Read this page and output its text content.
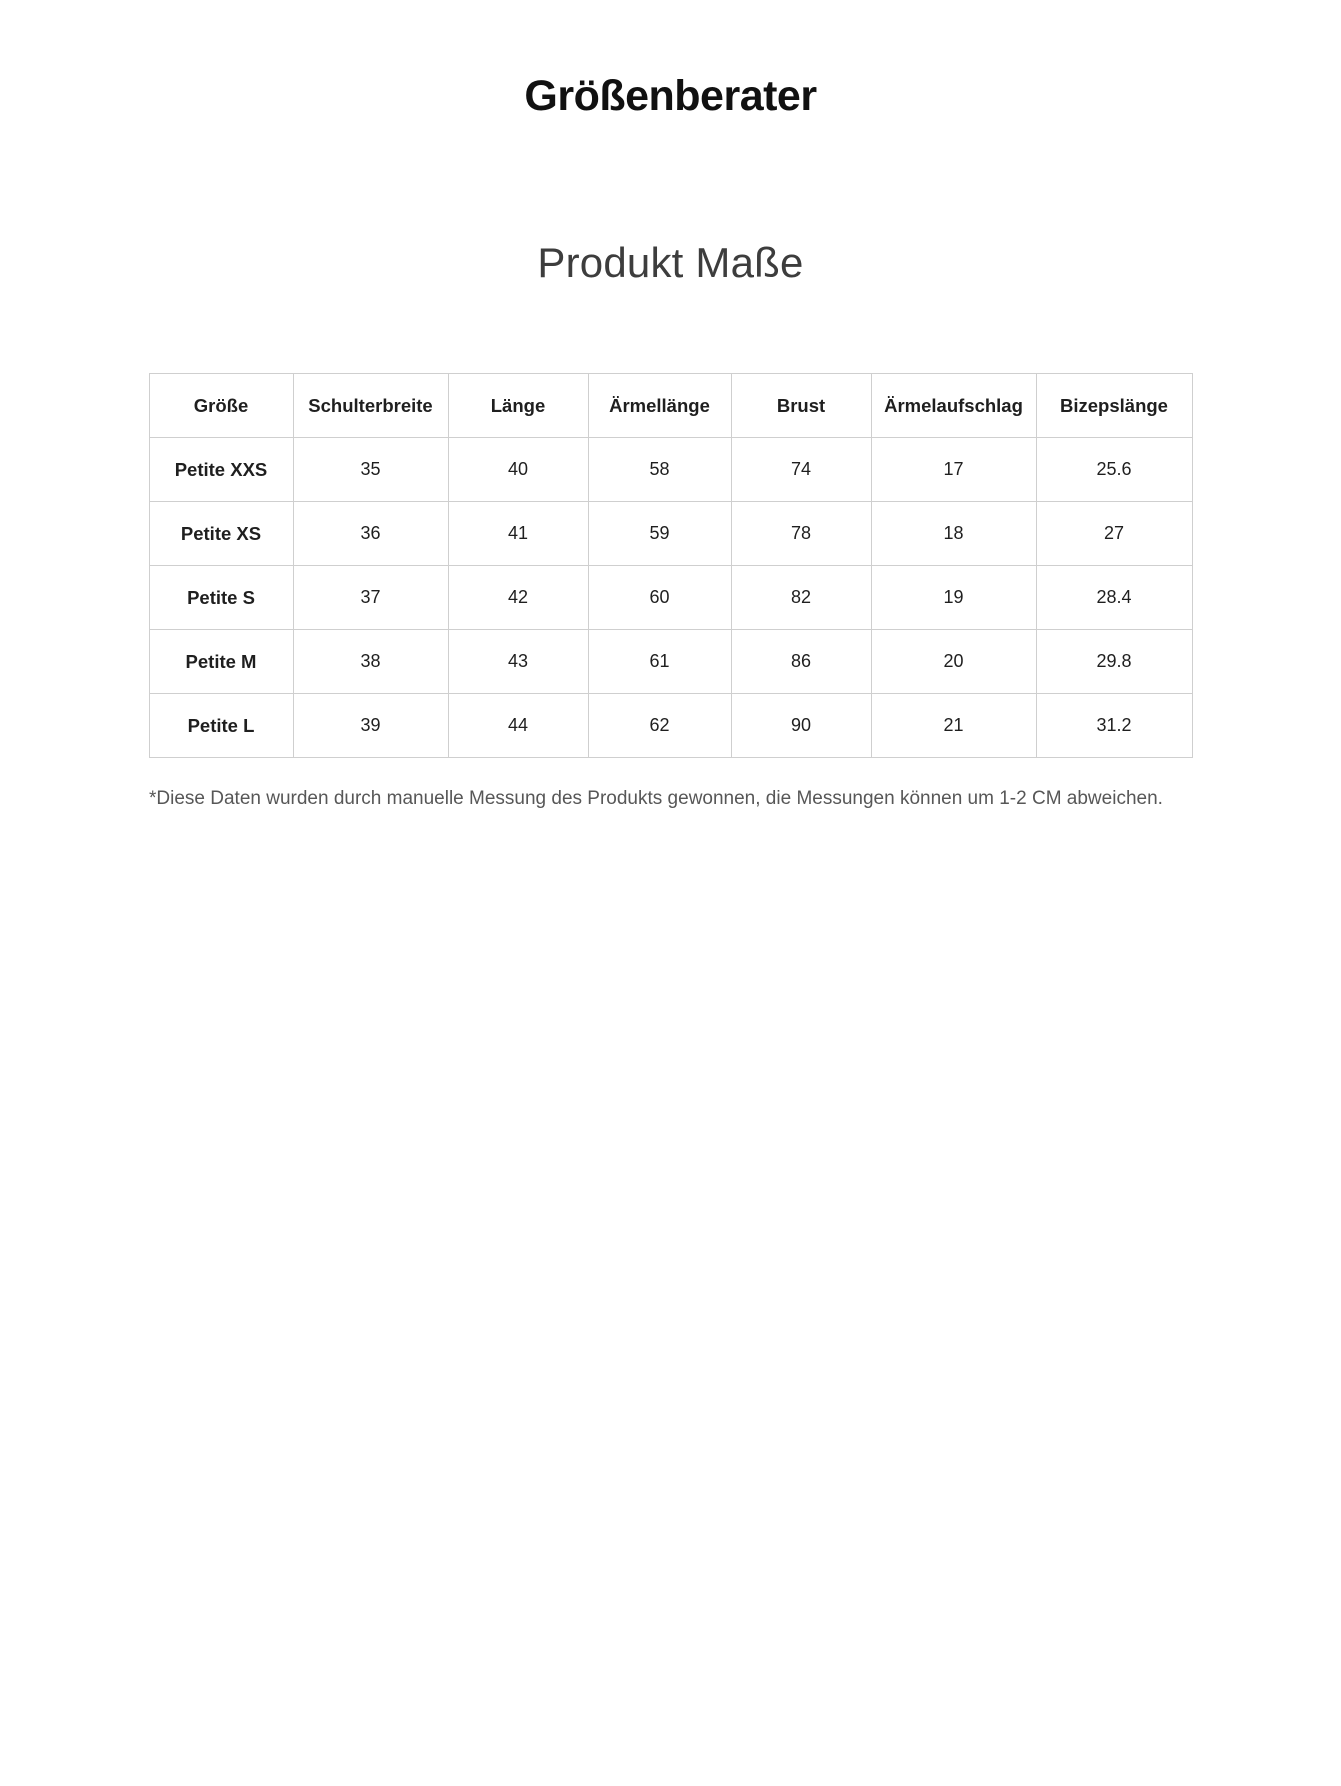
Größenberater
Produkt Maße
Größe	Schulterbreite	Länge	Ärmellänge	Brust	Ärmelaufschlag	Bizepslänge
Petite XXS	35	40	58	74	17	25.6
Petite XS	36	41	59	78	18	27
Petite S	37	42	60	82	19	28.4
Petite M	38	43	61	86	20	29.8
Petite L	39	44	62	90	21	31.2

*Diese Daten wurden durch manuelle Messung des Produkts gewonnen, die Messungen können um 1-2 CM abweichen.
